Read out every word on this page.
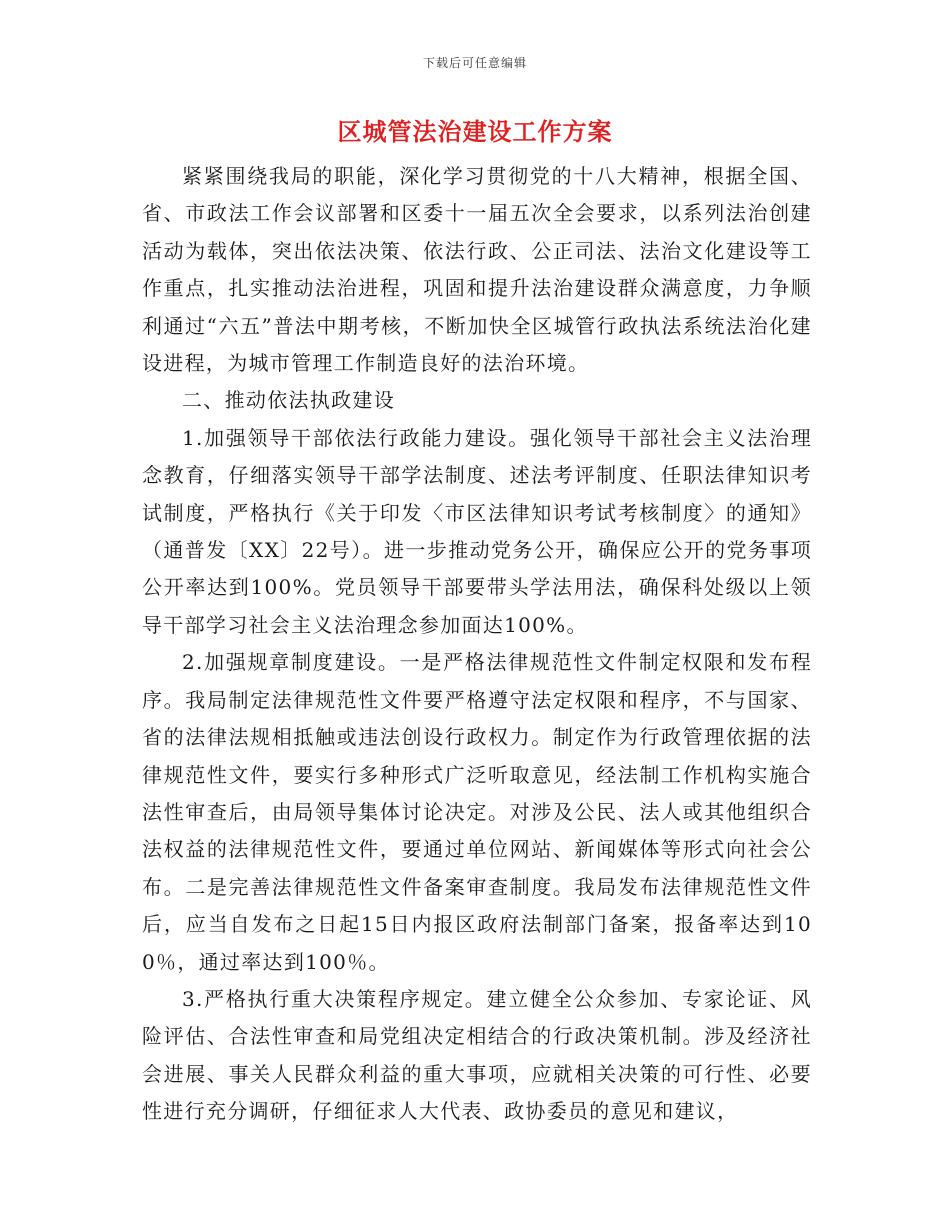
下载后可任意编辑
区城管法治建设工作方案

紧紧围绕我局的职能，深化学习贯彻党的十八大精神，根据全国、省、市政法工作会议部署和区委十一届五次全会要求，以系列法治创建活动为载体，突出依法决策、依法行政、公正司法、法治文化建设等工作重点，扎实推动法治进程，巩固和提升法治建设群众满意度，力争顺利通过“六五”普法中期考核，不断加快全区城管行政执法系统法治化建设进程，为城市管理工作制造良好的法治环境。

二、推动依法执政建设

1.加强领导干部依法行政能力建设。强化领导干部社会主义法治理念教育，仔细落实领导干部学法制度、述法考评制度、任职法律知识考试制度，严格执行《关于印发〈市区法律知识考试考核制度〉的通知》（通普发〔XX〕22号）。进一步推动党务公开，确保应公开的党务事项公开率达到100%。党员领导干部要带头学法用法，确保科处级以上领导干部学习社会主义法治理念参加面达100%。

2.加强规章制度建设。一是严格法律规范性文件制定权限和发布程序。我局制定法律规范性文件要严格遵守法定权限和程序，不与国家、省的法律法规相抵触或违法创设行政权力。制定作为行政管理依据的法律规范性文件，要实行多种形式广泛听取意见，经法制工作机构实施合法性审查后，由局领导集体讨论决定。对涉及公民、法人或其他组织合法权益的法律规范性文件，要通过单位网站、新闻媒体等形式向社会公布。二是完善法律规范性文件备案审查制度。我局发布法律规范性文件后，应当自发布之日起15日内报区政府法制部门备案，报备率达到100％，通过率达到100％。

3.严格执行重大决策程序规定。建立健全公众参加、专家论证、风险评估、合法性审查和局党组决定相结合的行政决策机制。涉及经济社会进展、事关人民群众利益的重大事项，应就相关决策的可行性、必要性进行充分调研，仔细征求人大代表、政协委员的意见和建议，
